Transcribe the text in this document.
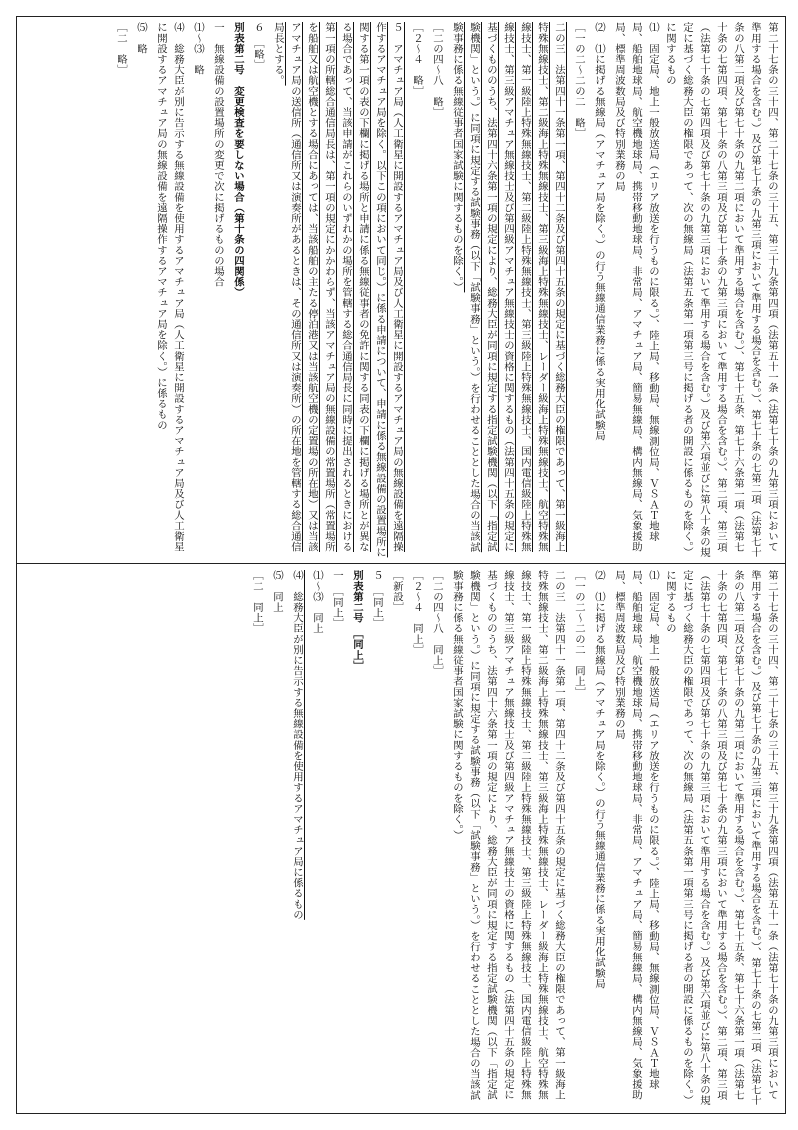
第二十七条の三十四、第二十七条の三十五、第三十九条第四項（法第五十一条（法第七十条の九第三項において準用する場合を含む。）及び第七十条の九第三項において準用する場合を含む。）、第七十条の七第二項（法第七十条の八第二項及び第七十条の九第二項において準用する場合を含む。）、第七十五条、第七十六条第一項（法第七十条の七第四項、第七十条の八第三項及び第七十条の九第三項において準用する場合を含む。）、第二項、第三項（法第七十条の七第四項及び第七十条の九第三項において準用する場合を含む。）及び第六項並びに第八十条の規定に基づく総務大臣の権限であって、次の無線局（法第五条第一項第三号に掲げる者の開設に係るものを除く。）に関するもの

⑴　固定局、地上一般放送局（エリア放送を行うものに限る。）、陸上局、移動局、無線測位局、ＶＳＡＴ地球局、船舶地球局、航空機地球局、携帯移動地球局、非常局、アマチュア局、簡易無線局、構内無線局、気象援助局、標準周波数局及び特別業務の局

⑵　⑴に掲げる無線局（アマチュア局を除く。）の行う無線通信業務に係る実用化試験局

［一の二～二の二　略］

二の三　法第四十一条第一項、第四十二条及び第四十五条の規定に基づく総務大臣の権限であって、第一級海上特殊無線技士、第二級海上特殊無線技士、第三級海上特殊無線技士、レーダー級海上特殊無線技士、航空特殊無線技士、第一級陸上特殊無線技士、第二級陸上特殊無線技士、第三級陸上特殊無線技士、国内電信級陸上特殊無線技士、第三級アマチュア無線技士及び第四級アマチュア無線技士の資格に関するもの（法第四十五条の規定に基づくもののうち、法第四十六条第一項の規定により、総務大臣が同項に規定する指定試験機関（以下「指定試験機関」という。）に同項に規定する試験事務（以下「試験事務」という。）を行わせることとした場合の当該試験事務に係る無線従事者国家試験に関するものを除く。）

［二の四～八　略］

［２～４　略］

５　アマチュア局（人工衛星に開設するアマチュア局及び人工衛星に開設するアマチュア局の無線設備を遠隔操作するアマチュア局を除く。以下この項において同じ。）に係る申請について、申請に係る無線設備の設置場所に関する第一項の表の下欄に掲げる場所と申請に係る無線従事者の免許に関する同表の下欄に掲げる場所とが異なる場合であって、当該申請がこれらのいずれかの場所を管轄する総合通信局長に同時に提出されるときにおける第一項の所轄総合通信局長は、第一項の規定にかかわらず、当該アマチュア局の無線設備の常置場所（常置場所を船舶又は航空機とする場合にあっては、当該船舶の主たる停泊港又は当該航空機の定置場の所在地）又は当該アマチュア局の送信所（通信所又は演奏所があるときは、その通信所又は演奏所）の所在地を管轄する総合通信局長とする。

６　［略］

別表第二号　変更検査を要しない場合（第十条の四関係）

一　無線設備の設置場所の変更で次に掲げるものの場合

⑴～⑶　略

⑷　総務大臣が別に告示する無線設備を使用するアマチュア局（人工衛星に開設するアマチュア局及び人工衛星に開設するアマチュア局の無線設備を遠隔操作するアマチュア局を除く。）に係るもの

⑸　略

［二　略］

第二十七条の三十四、第二十七条の三十五、第三十九条第四項（法第五十一条（法第七十条の九第三項において準用する場合を含む。）及び第七十条の九第三項において準用する場合を含む。）、第七十条の七第二項（法第七十条の八第二項及び第七十条の九第二項において準用する場合を含む。）、第七十五条、第七十六条第一項（法第七十条の七第四項、第七十条の八第三項及び第七十条の九第三項において準用する場合を含む。）、第二項、第三項（法第七十条の七第四項及び第七十条の九第三項において準用する場合を含む。）及び第六項並びに第八十条の規定に基づく総務大臣の権限であって、次の無線局（法第五条第一項第三号に掲げる者の開設に係るものを除く。）に関するもの

⑴　固定局、地上一般放送局（エリア放送を行うものに限る。）、陸上局、移動局、無線測位局、ＶＳＡＴ地球局、船舶地球局、航空機地球局、携帯移動地球局、非常局、アマチュア局、簡易無線局、構内無線局、気象援助局、標準周波数局及び特別業務の局

⑵　⑴に掲げる無線局（アマチュア局を除く。）の行う無線通信業務に係る実用化試験局

［一の二～二の二　同上］

二の三　法第四十一条第一項、第四十二条及び第四十五条の規定に基づく総務大臣の権限であって、第一級海上特殊無線技士、第二級海上特殊無線技士、第三級海上特殊無線技士、レーダー級海上特殊無線技士、航空特殊無線技士、第一級陸上特殊無線技士、第二級陸上特殊無線技士、第三級陸上特殊無線技士、国内電信級陸上特殊無線技士、第三級アマチュア無線技士及び第四級アマチュア無線技士の資格に関するもの（法第四十五条の規定に基づくもののうち、法第四十六条第一項の規定により、総務大臣が同項に規定する指定試験機関（以下「指定試験機関」という。）に同項に規定する試験事務（以下「試験事務」という。）を行わせることとした場合の当該試験事務に係る無線従事者国家試験に関するものを除く。）

［二の四～八　同上］

［２～４　同上］

［新設］

５　［同上］

別表第二号　［同上］

一　［同上］

⑴～⑶　同上

⑷　総務大臣が別に告示する無線設備を使用するアマチュア局に係るもの

⑸　同上

［二　同上］
